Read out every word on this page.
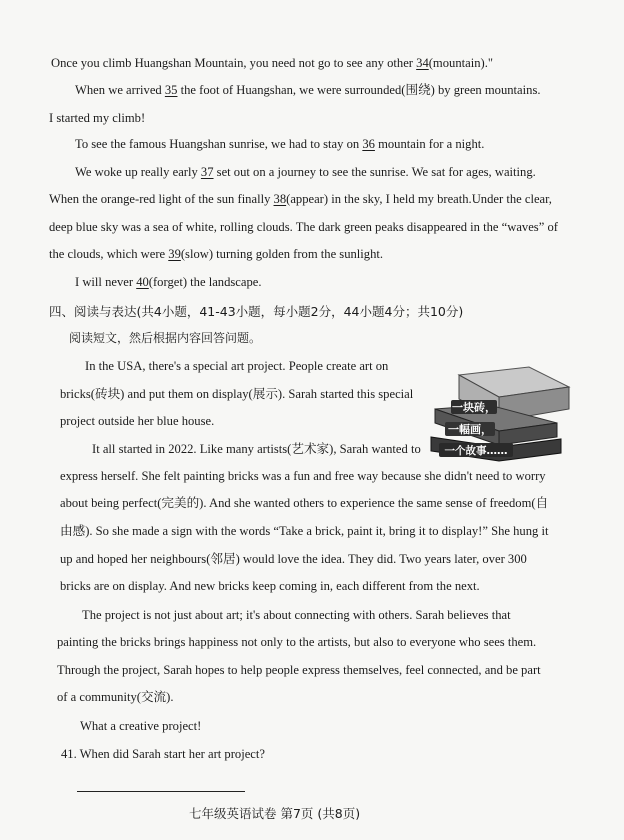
Once you climb Huangshan Mountain, you need not go to see any other 34(mountain)."
When we arrived 35 the foot of Huangshan, we were surrounded(围绕) by green mountains.
I started my climb!
To see the famous Huangshan sunrise, we had to stay on 36 mountain for a night.
We woke up really early 37 set out on a journey to see the sunrise. We sat for ages, waiting.
When the orange-red light of the sun finally 38(appear) in the sky, I held my breath.Under the clear,
deep blue sky was a sea of white, rolling clouds. The dark green peaks disappeared in the “waves” of
the clouds, which were 39(slow) turning golden from the sunlight.
I will never 40(forget) the landscape.
四、阅读与表达(共4小题，41-43小题，每小题2分，44小题4分；共10分)
阅读短文，然后根据内容回答问题。
In the USA, there's a special art project. People create art on
bricks(砖块) and put them on display(展示). Sarah started this special
project outside her blue house.
It all started in 2022. Like many artists(艺术家), Sarah wanted to
express herself. She felt painting bricks was a fun and free way because she didn't need to worry
about being perfect(完美的). And she wanted others to experience the same sense of freedom(自
由感). So she made a sign with the words “Take a brick, paint it, bring it to display!” She hung it
up and hoped her neighbours(邻居) would love the idea. They did. Two years later, over 300
bricks are on display. And new bricks keep coming in, each different from the next.
The project is not just about art; it's about connecting with others. Sarah believes that
painting the bricks brings happiness not only to the artists, but also to everyone who sees them.
Through the project, Sarah hopes to help people express themselves, feel connected, and be part
of a community(交流).
What a creative project!
41. When did Sarah start her art project?
一块砖，
一幅画，
一个故事……
七年级英语试卷 第7页 (共8页)
